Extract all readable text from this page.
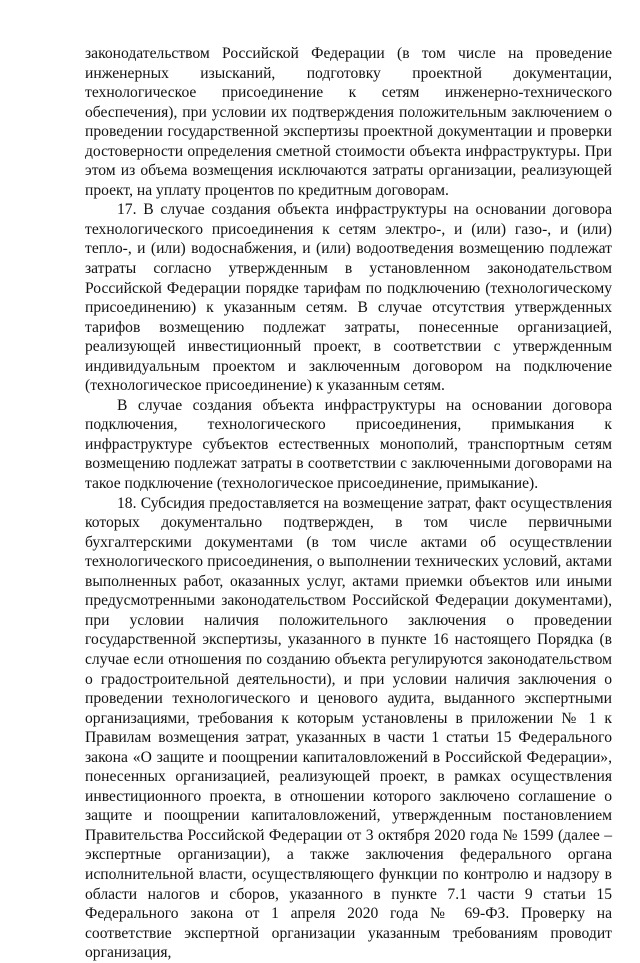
законодательством Российской Федерации (в том числе на проведение инженерных изысканий, подготовку проектной документации, технологическое присоединение к сетям инженерно-технического обеспечения), при условии их подтверждения положительным заключением о проведении государственной экспертизы проектной документации и проверки достоверности определения сметной стоимости объекта инфраструктуры. При этом из объема возмещения исключаются затраты организации, реализующей проект, на уплату процентов по кредитным договорам.

17. В случае создания объекта инфраструктуры на основании договора технологического присоединения к сетям электро-, и (или) газо-, и (или) тепло-, и (или) водоснабжения, и (или) водоотведения возмещению подлежат затраты согласно утвержденным в установленном законодательством Российской Федерации порядке тарифам по подключению (технологическому присоединению) к указанным сетям. В случае отсутствия утвержденных тарифов возмещению подлежат затраты, понесенные организацией, реализующей инвестиционный проект, в соответствии с утвержденным индивидуальным проектом и заключенным договором на подключение (технологическое присоединение) к указанным сетям.

В случае создания объекта инфраструктуры на основании договора подключения, технологического присоединения, примыкания к инфраструктуре субъектов естественных монополий, транспортным сетям возмещению подлежат затраты в соответствии с заключенными договорами на такое подключение (технологическое присоединение, примыкание).

18. Субсидия предоставляется на возмещение затрат, факт осуществления которых документально подтвержден, в том числе первичными бухгалтерскими документами (в том числе актами об осуществлении технологического присоединения, о выполнении технических условий, актами выполненных работ, оказанных услуг, актами приемки объектов или иными предусмотренными законодательством Российской Федерации документами), при условии наличия положительного заключения о проведении государственной экспертизы, указанного в пункте 16 настоящего Порядка (в случае если отношения по созданию объекта регулируются законодательством о градостроительной деятельности), и при условии наличия заключения о проведении технологического и ценового аудита, выданного экспертными организациями, требования к которым установлены в приложении № 1 к Правилам возмещения затрат, указанных в части 1 статьи 15 Федерального закона «О защите и поощрении капиталовложений в Российской Федерации», понесенных организацией, реализующей проект, в рамках осуществления инвестиционного проекта, в отношении которого заключено соглашение о защите и поощрении капиталовложений, утвержденным постановлением Правительства Российской Федерации от 3 октября 2020 года № 1599 (далее – экспертные организации), а также заключения федерального органа исполнительной власти, осуществляющего функции по контролю и надзору в области налогов и сборов, указанного в пункте 7.1 части 9 статьи 15 Федерального закона от 1 апреля 2020 года № 69-ФЗ. Проверку на соответствие экспертной организации указанным требованиям проводит организация,
